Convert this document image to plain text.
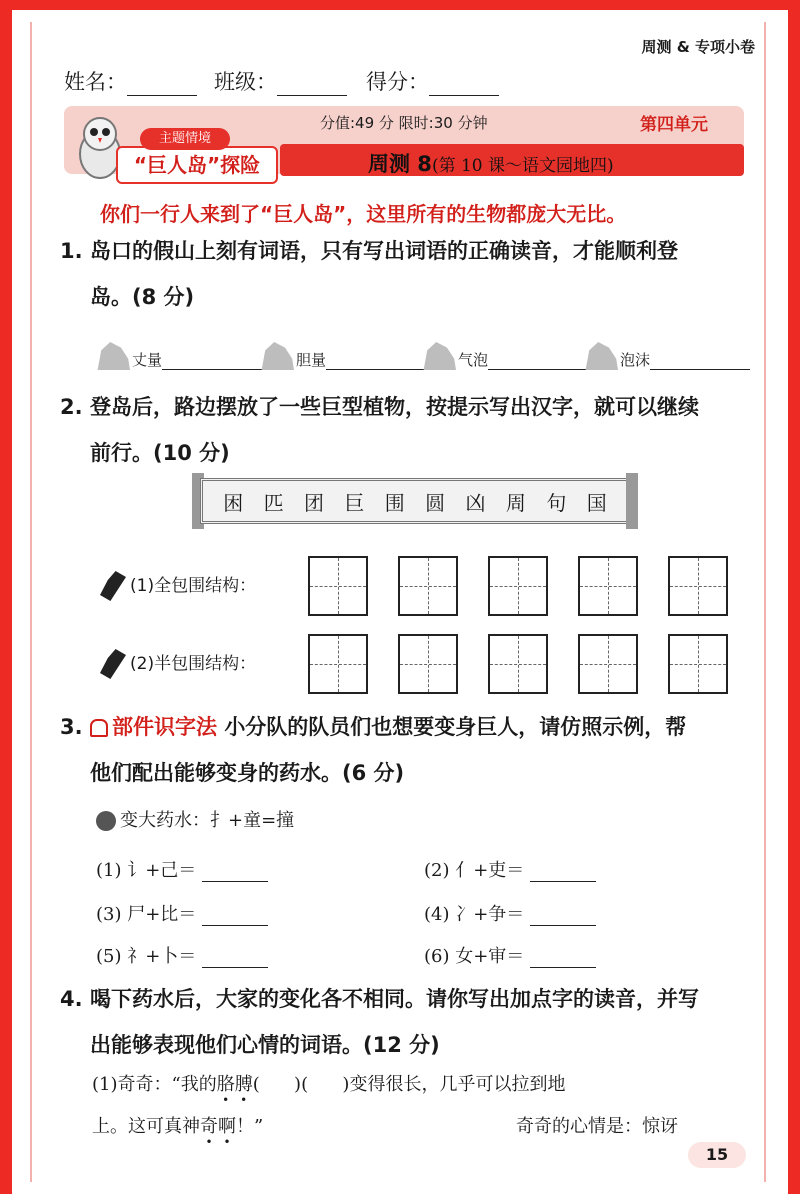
周测 & 专项小卷
姓名：	班级：	得分：
分值:49 分 限时:30 分钟	第四单元
周测 8(第 10 课～语文园地四)
“巨人岛”探险
主题情境
你们一行人来到了“巨人岛”，这里所有的生物都庞大无比。
1. 岛口的假山上刻有词语，只有写出词语的正确读音，才能顺利登
岛。(8 分)
丈量	胆量	气泡	泡沫
2. 登岛后，路边摆放了一些巨型植物，按提示写出汉字，就可以继续
前行。(10 分)
困 匹 团 巨 围 圆 凶 周 句 国
(1)全包围结构：
(2)半包围结构：
3. 部件识字法 小分队的队员们也想要变身巨人，请仿照示例，帮
他们配出能够变身的药水。(6 分)
变大药水：扌+童=撞
(1) 讠+己＝	(2) 亻+吏＝
(3) 尸+比＝	(4) 冫+争＝
(5) 礻+卜＝	(6) 女+审＝
4. 喝下药水后，大家的变化各不相同。请你写出加点字的读音，并写
出能够表现他们心情的词语。(12 分)
(1)奇奇：“我的胳膊(      )(      )变得很长，几乎可以拉到地
上。这可真神奇啊！”	奇奇的心情是：惊讶
15
